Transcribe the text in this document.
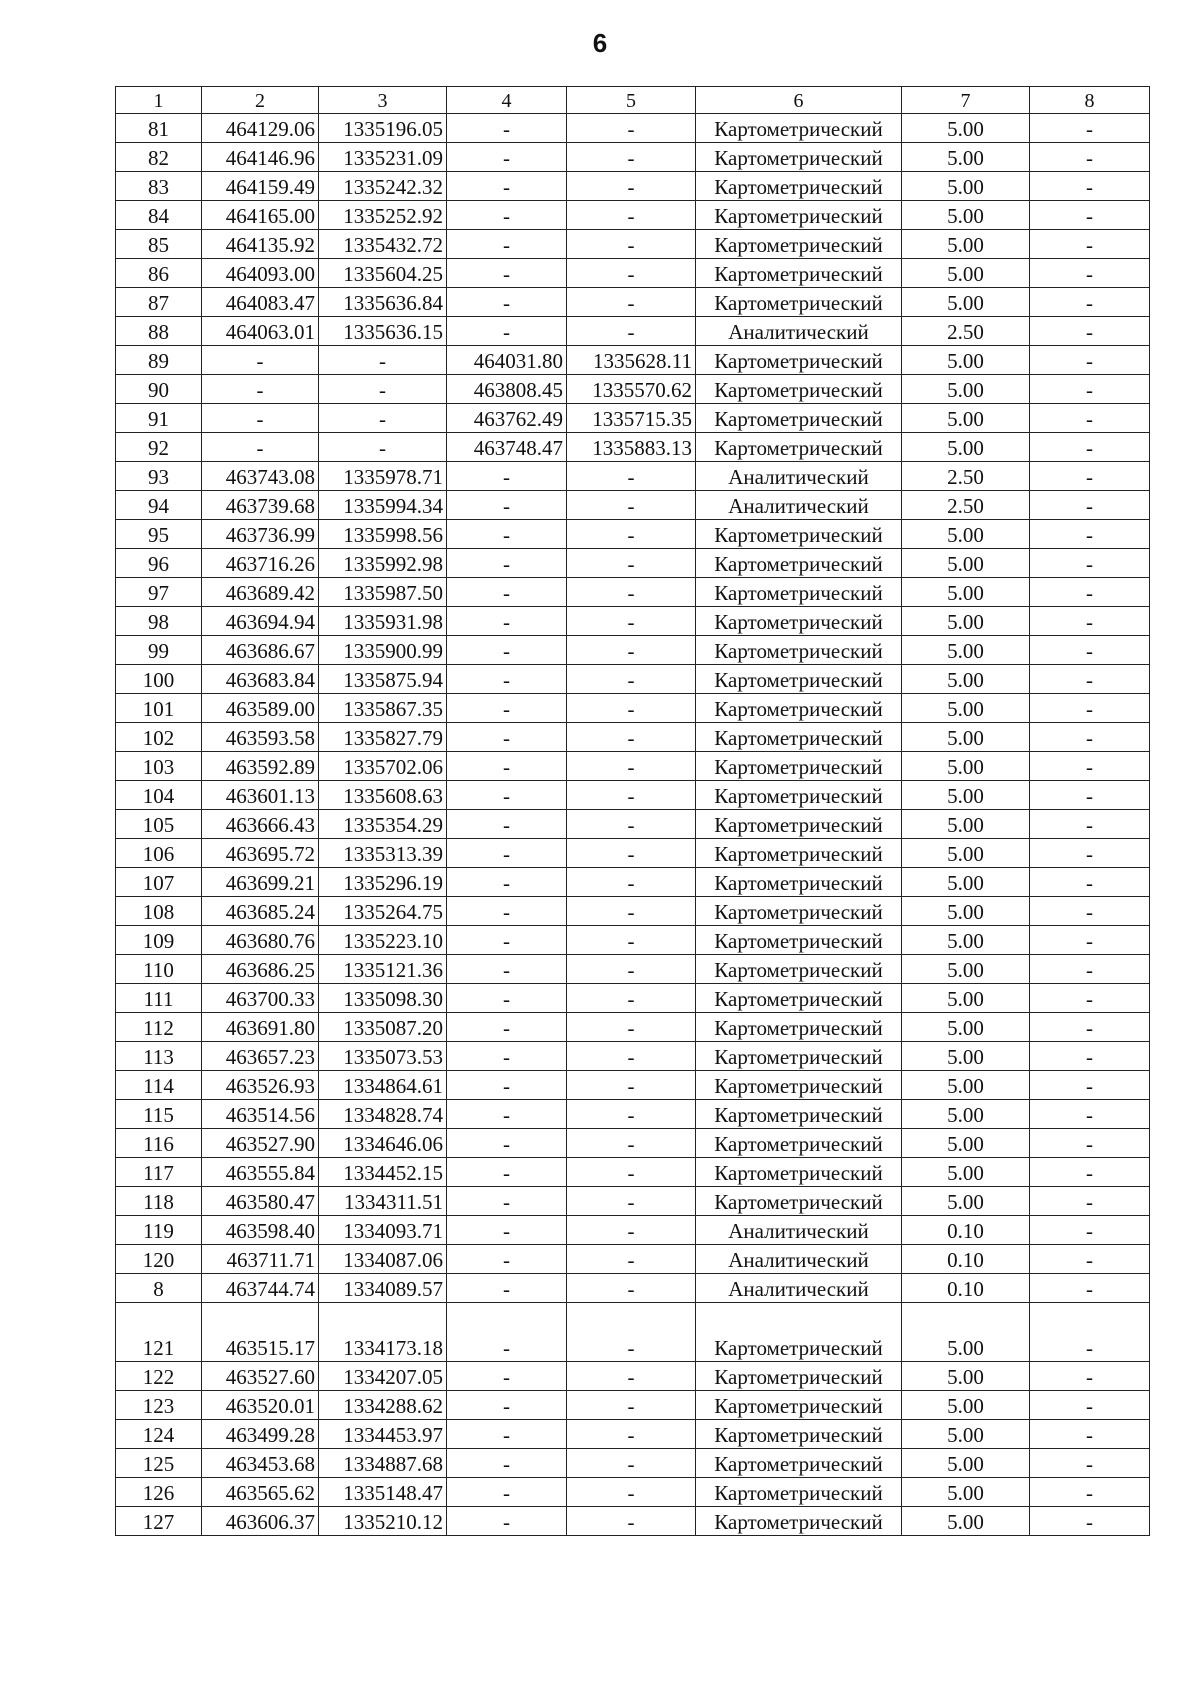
6
1	2	3	4	5	6	7	8
81	464129.06	1335196.05	-	-	Картометрический	5.00	-
82	464146.96	1335231.09	-	-	Картометрический	5.00	-
83	464159.49	1335242.32	-	-	Картометрический	5.00	-
84	464165.00	1335252.92	-	-	Картометрический	5.00	-
85	464135.92	1335432.72	-	-	Картометрический	5.00	-
86	464093.00	1335604.25	-	-	Картометрический	5.00	-
87	464083.47	1335636.84	-	-	Картометрический	5.00	-
88	464063.01	1335636.15	-	-	Аналитический	2.50	-
89	-	-	464031.80	1335628.11	Картометрический	5.00	-
90	-	-	463808.45	1335570.62	Картометрический	5.00	-
91	-	-	463762.49	1335715.35	Картометрический	5.00	-
92	-	-	463748.47	1335883.13	Картометрический	5.00	-
93	463743.08	1335978.71	-	-	Аналитический	2.50	-
94	463739.68	1335994.34	-	-	Аналитический	2.50	-
95	463736.99	1335998.56	-	-	Картометрический	5.00	-
96	463716.26	1335992.98	-	-	Картометрический	5.00	-
97	463689.42	1335987.50	-	-	Картометрический	5.00	-
98	463694.94	1335931.98	-	-	Картометрический	5.00	-
99	463686.67	1335900.99	-	-	Картометрический	5.00	-
100	463683.84	1335875.94	-	-	Картометрический	5.00	-
101	463589.00	1335867.35	-	-	Картометрический	5.00	-
102	463593.58	1335827.79	-	-	Картометрический	5.00	-
103	463592.89	1335702.06	-	-	Картометрический	5.00	-
104	463601.13	1335608.63	-	-	Картометрический	5.00	-
105	463666.43	1335354.29	-	-	Картометрический	5.00	-
106	463695.72	1335313.39	-	-	Картометрический	5.00	-
107	463699.21	1335296.19	-	-	Картометрический	5.00	-
108	463685.24	1335264.75	-	-	Картометрический	5.00	-
109	463680.76	1335223.10	-	-	Картометрический	5.00	-
110	463686.25	1335121.36	-	-	Картометрический	5.00	-
111	463700.33	1335098.30	-	-	Картометрический	5.00	-
112	463691.80	1335087.20	-	-	Картометрический	5.00	-
113	463657.23	1335073.53	-	-	Картометрический	5.00	-
114	463526.93	1334864.61	-	-	Картометрический	5.00	-
115	463514.56	1334828.74	-	-	Картометрический	5.00	-
116	463527.90	1334646.06	-	-	Картометрический	5.00	-
117	463555.84	1334452.15	-	-	Картометрический	5.00	-
118	463580.47	1334311.51	-	-	Картометрический	5.00	-
119	463598.40	1334093.71	-	-	Аналитический	0.10	-
120	463711.71	1334087.06	-	-	Аналитический	0.10	-
8	463744.74	1334089.57	-	-	Аналитический	0.10	-

121	463515.17	1334173.18	-	-	Картометрический	5.00	-
122	463527.60	1334207.05	-	-	Картометрический	5.00	-
123	463520.01	1334288.62	-	-	Картометрический	5.00	-
124	463499.28	1334453.97	-	-	Картометрический	5.00	-
125	463453.68	1334887.68	-	-	Картометрический	5.00	-
126	463565.62	1335148.47	-	-	Картометрический	5.00	-
127	463606.37	1335210.12	-	-	Картометрический	5.00	-
